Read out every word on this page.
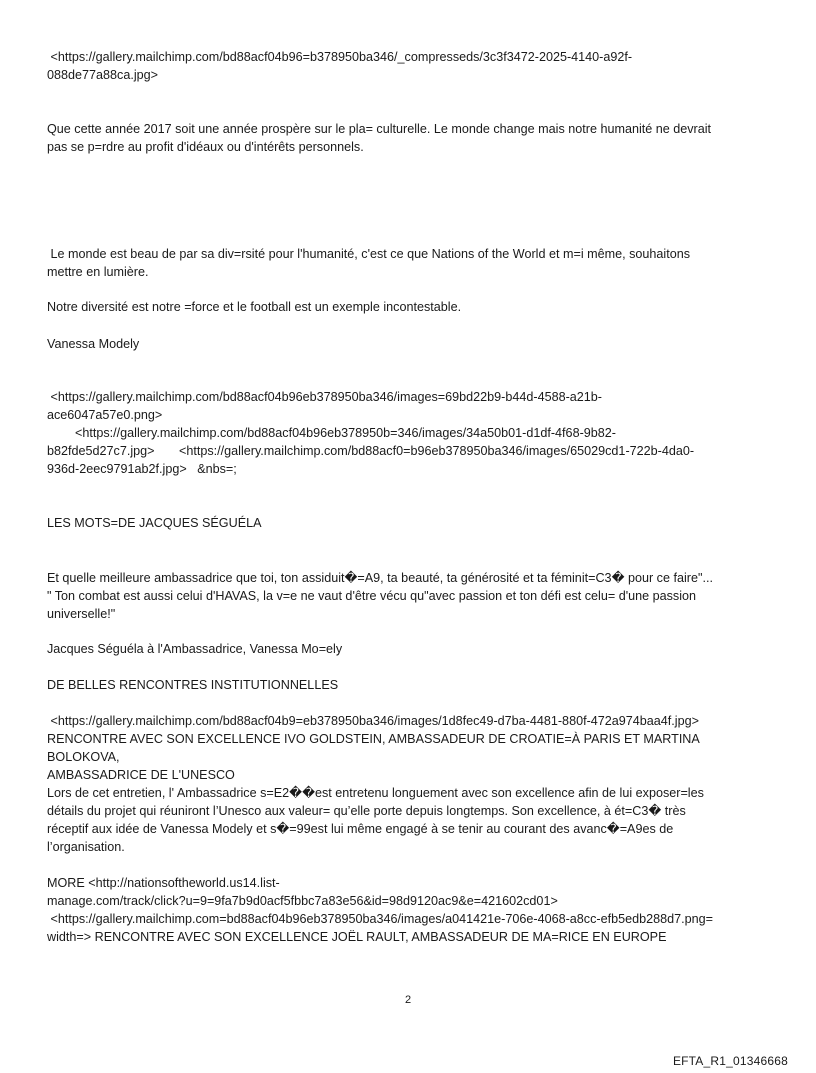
<https://gallery.mailchimp.com/bd88acf04b96=b378950ba346/_compresseds/3c3f3472-2025-4140-a92f-
088de77a88ca.jpg>

Que cette année 2017 soit une année prospère sur le pla= culturelle. Le monde change mais notre humanité ne devrait
pas se p=rdre au profit d'idéaux ou d'intérêts personnels.

Le monde est beau de par sa div=rsité pour l'humanité, c'est ce que Nations of the World et m=i même, souhaitons
mettre en lumière.

Notre diversité est notre =force et le football est un exemple incontestable.

Vanessa Modely

<https://gallery.mailchimp.com/bd88acf04b96eb378950ba346/images=69bd22b9-b44d-4588-a21b-
ace6047a57e0.png>
<https://gallery.mailchimp.com/bd88acf04b96eb378950b=346/images/34a50b01-d1df-4f68-9b82-
b82fde5d27c7.jpg>       <https://gallery.mailchimp.com/bd88acf0=b96eb378950ba346/images/65029cd1-722b-4da0-
936d-2eec9791ab2f.jpg>   &nbs=;

LES MOTS=DE JACQUES SÉGUÉLA

Et quelle meilleure ambassadrice que toi, ton assiduit�=A9, ta beauté, ta générosité et ta féminit=C3� pour ce faire"...
" Ton combat est aussi celui d'HAVAS, la v=e ne vaut d'être vécu qu"avec passion et ton défi est celu= d'une passion
universelle!"

Jacques Séguéla à l'Ambassadrice, Vanessa Mo=ely

DE BELLES RENCONTRES INSTITUTIONNELLES

<https://gallery.mailchimp.com/bd88acf04b9=eb378950ba346/images/1d8fec49-d7ba-4481-880f-472a974baa4f.jpg>
RENCONTRE AVEC SON EXCELLENCE IVO GOLDSTEIN, AMBASSADEUR DE CROATIE=À PARIS ET MARTINA BOLOKOVA,
AMBASSADRICE DE L'UNESCO

Lors de cet entretien, l' Ambassadrice s=E2��est entretenu longuement avec son excellence afin de lui exposer=les
détails du projet qui réuniront l’Unesco aux valeur= qu’elle porte depuis longtemps. Son excellence, à ét=C3� très
réceptif aux idée de Vanessa Modely et s�=99est lui même engagé à se tenir au courant des avanc�=A9es de
l’organisation.

MORE <http://nationsoftheworld.us14.list-
manage.com/track/click?u=9=9fa7b9d0acf5fbbc7a83e56&id=98d9120ac9&e=421602cd01>
<https://gallery.mailchimp.com=bd88acf04b96eb378950ba346/images/a041421e-706e-4068-a8cc-efb5edb288d7.png=
width=> RENCONTRE AVEC SON EXCELLENCE JOËL RAULT, AMBASSADEUR DE MA=RICE EN EUROPE

2
EFTA_R1_01346668
